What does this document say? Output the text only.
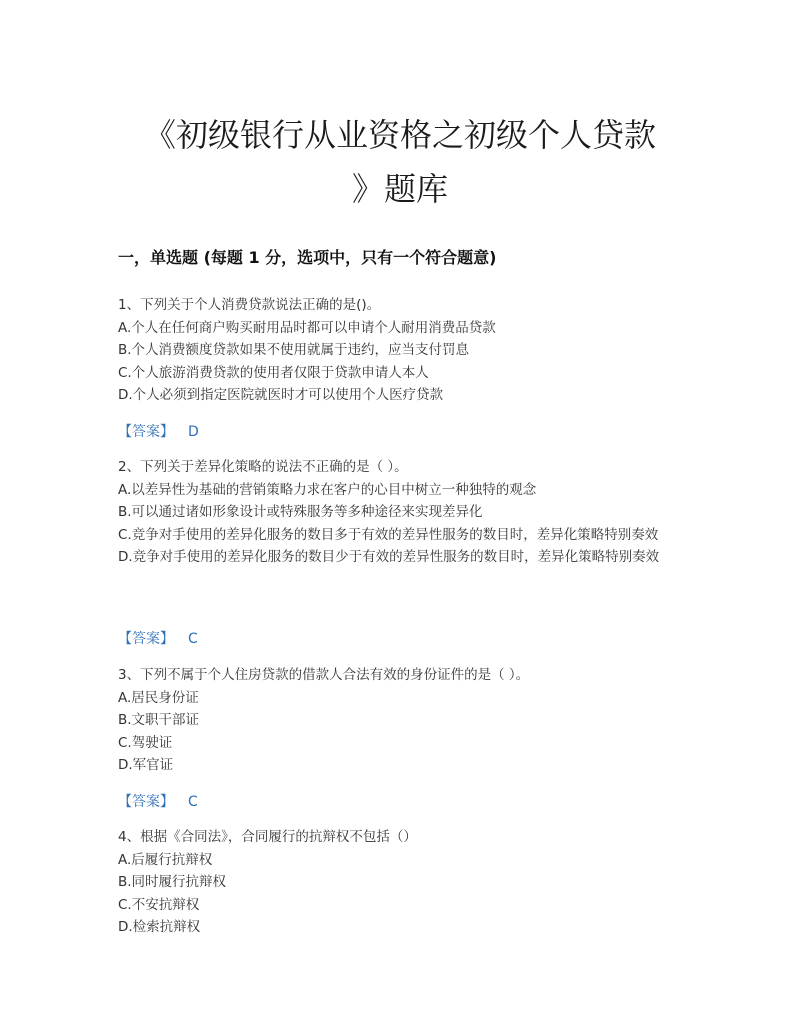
《初级银行从业资格之初级个人贷款
》题库
一，单选题 (每题 1 分，选项中，只有一个符合题意)
1、下列关于个人消费贷款说法正确的是()。
A.个人在任何商户购买耐用品时都可以申请个人耐用消费品贷款
B.个人消费额度贷款如果不使用就属于违约，应当支付罚息
C.个人旅游消费贷款的使用者仅限于贷款申请人本人
D.个人必须到指定医院就医时才可以使用个人医疗贷款
【答案】 D
2、下列关于差异化策略的说法不正确的是（ ）。
A.以差异性为基础的营销策略力求在客户的心目中树立一种独特的观念
B.可以通过诸如形象设计或特殊服务等多种途径来实现差异化
C.竞争对手使用的差异化服务的数目多于有效的差异性服务的数目时，差异化策略特别奏效
D.竞争对手使用的差异化服务的数目少于有效的差异性服务的数目时，差异化策略特别奏效
【答案】 C
3、下列不属于个人住房贷款的借款人合法有效的身份证件的是（ ）。
A.居民身份证
B.文职干部证
C.驾驶证
D.军官证
【答案】 C
4、根据《合同法》，合同履行的抗辩权不包括（）
A.后履行抗辩权
B.同时履行抗辩权
C.不安抗辩权
D.检索抗辩权
